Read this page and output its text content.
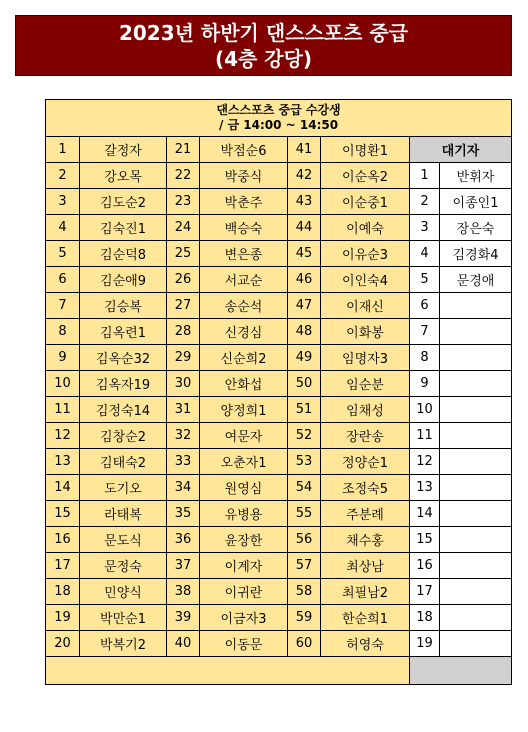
2023년 하반기 댄스스포츠 중급
(4층 강당)
댄스스포츠 중급 수강생
/ 금 14:00 ~ 14:50							

1	갈정자	21	박점순6	41	이명환1	대기자	
2	강오목	22	박중식	42	이순옥2	1	반휘자
3	김도순2	23	박춘주	43	이순중1	2	이종인1
4	김숙진1	24	백승숙	44	이예숙	3	장은숙
5	김순덕8	25	변은종	45	이유순3	4	김경화4
6	김순애9	26	서교순	46	이인숙4	5	문경애
7	김승복	27	송순석	47	이재신	6	
8	김옥련1	28	신경심	48	이화봉	7	
9	김옥순32	29	신순희2	49	임명자3	8	
10	김옥자19	30	안화섭	50	임순분	9	
11	김정숙14	31	양정희1	51	임채성	10	
12	김창순2	32	여문자	52	장란송	11	
13	김태숙2	33	오춘자1	53	정양순1	12	
14	도기오	34	원영심	54	조정숙5	13	
15	라태복	35	유병용	55	주분례	14	
16	문도식	36	윤장한	56	채수홍	15	
17	문정숙	37	이계자	57	최상남	16	
18	민양식	38	이귀란	58	최필남2	17	
19	박만순1	39	이금자3	59	한순희1	18	
20	박복기2	40	이동문	60	허영숙	19	
